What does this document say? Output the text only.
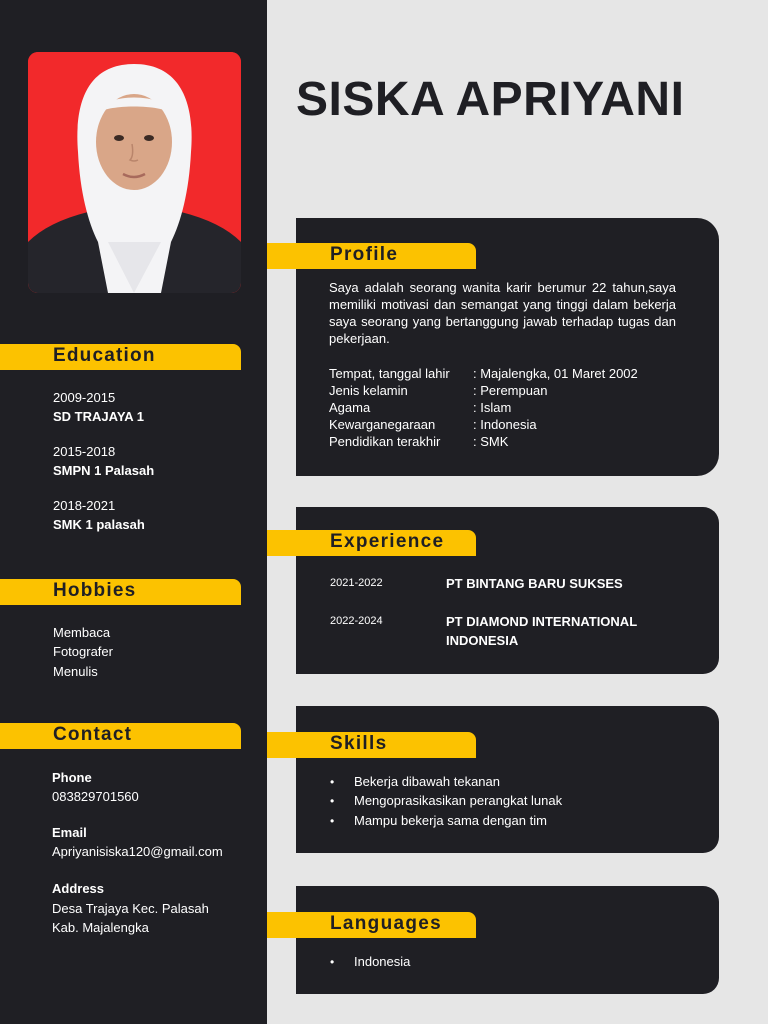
Education
2009-2015
SD TRAJAYA 1
2015-2018
SMPN 1 Palasah
2018-2021
SMK 1 palasah
Hobbies
Membaca
Fotografer
Menulis
Contact
Phone
083829701560
Email
Apriyanisiska120@gmail.com
Address
Desa Trajaya Kec. Palasah
Kab. Majalengka
SISKA APRIYANI
Profile
Saya adalah seorang wanita karir berumur 22 tahun,saya memiliki motivasi dan semangat yang tinggi dalam bekerja saya seorang yang bertanggung jawab terhadap tugas dan pekerjaan.
Tempat, tanggal lahir : Majalengka, 01 Maret 2002
Jenis kelamin	: Perempuan
Agama	: Islam
Kewarganegaraan	: Indonesia
Pendidikan terakhir	: SMK
Experience
2021-2022	PT BINTANG BARU SUKSES
2022-2024	PT DIAMOND INTERNATIONAL INDONESIA
Skills
• Bekerja dibawah tekanan
• Mengoprasikasikan perangkat lunak
• Mampu bekerja sama dengan tim
Languages
• Indonesia
